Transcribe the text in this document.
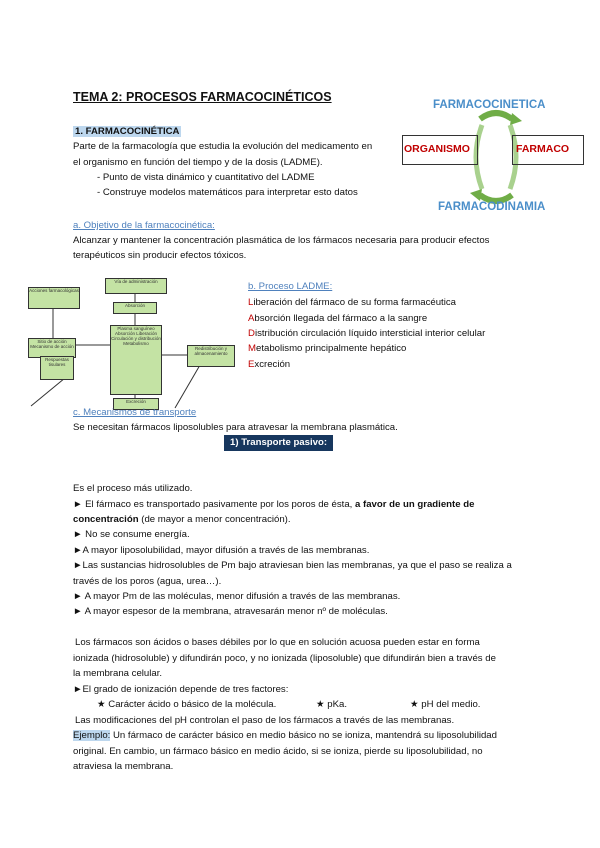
TEMA 2: PROCESOS FARMACOCINÉTICOS
1. FARMACOCINÉTICA
Parte de la farmacología que estudia la evolución del medicamento en
el organismo en función del tiempo y de la dosis (LADME).
- Punto de vista dinámico y cuantitativo del LADME
- Construye modelos matemáticos para interpretar esto datos
FARMACOCINETICA
ORGANISMO	FARMACO
FARMACODINAMIA
a. Objetivo de la farmacocinética:
Alcanzar y mantener la concentración plasmática de los fármacos necesaria para producir efectos
terapéuticos sin producir efectos tóxicos.
Acciones farmacológicas
Vía de administración
Absorción
Sitio de acción Mecanismo de acción
Plasma sanguíneo Absorción Liberación Circulación y distribución Metabolismo
Redistribución y almacenamiento
Respuestas tisulares
Excreción
b. Proceso LADME:
Liberación del fármaco de su forma farmacéutica
Absorción llegada del fármaco a la sangre
Distribución circulación líquido intersticial interior celular
Metabolismo principalmente hepático
Excreción
c. Mecanismos de transporte
Se necesitan fármacos liposolubles para atravesar la membrana plasmática.
1) Transporte pasivo:
Es el proceso más utilizado.
► El fármaco es transportado pasivamente por los poros de ésta, a favor de un gradiente de
concentración (de mayor a menor concentración).
► No se consume energía.
►A mayor liposolubilidad, mayor difusión a través de las membranas.
►Las sustancias hidrosolubles de Pm bajo atraviesan bien las membranas, ya que el paso se realiza a
través de los poros (agua, urea…).
► A mayor Pm de las moléculas, menor difusión a través de las membranas.
► A mayor espesor de la membrana, atravesarán menor nº de moléculas.
Los fármacos son ácidos o bases débiles por lo que en solución acuosa pueden estar en forma
ionizada (hidrosoluble) y difundirán poco, y no ionizada (liposoluble) que difundirán bien a través de
la membrana celular.
►El grado de ionización depende de tres factores:
★ Carácter ácido o básico de la molécula.	★ pKa.	★ pH del medio.
Las modificaciones del pH controlan el paso de los fármacos a través de las membranas.
Ejemplo: Un fármaco de carácter básico en medio básico no se ioniza, mantendrá su liposolubilidad
original. En cambio, un fármaco básico en medio ácido, si se ioniza, pierde su liposolubilidad, no
atraviesa la membrana.
